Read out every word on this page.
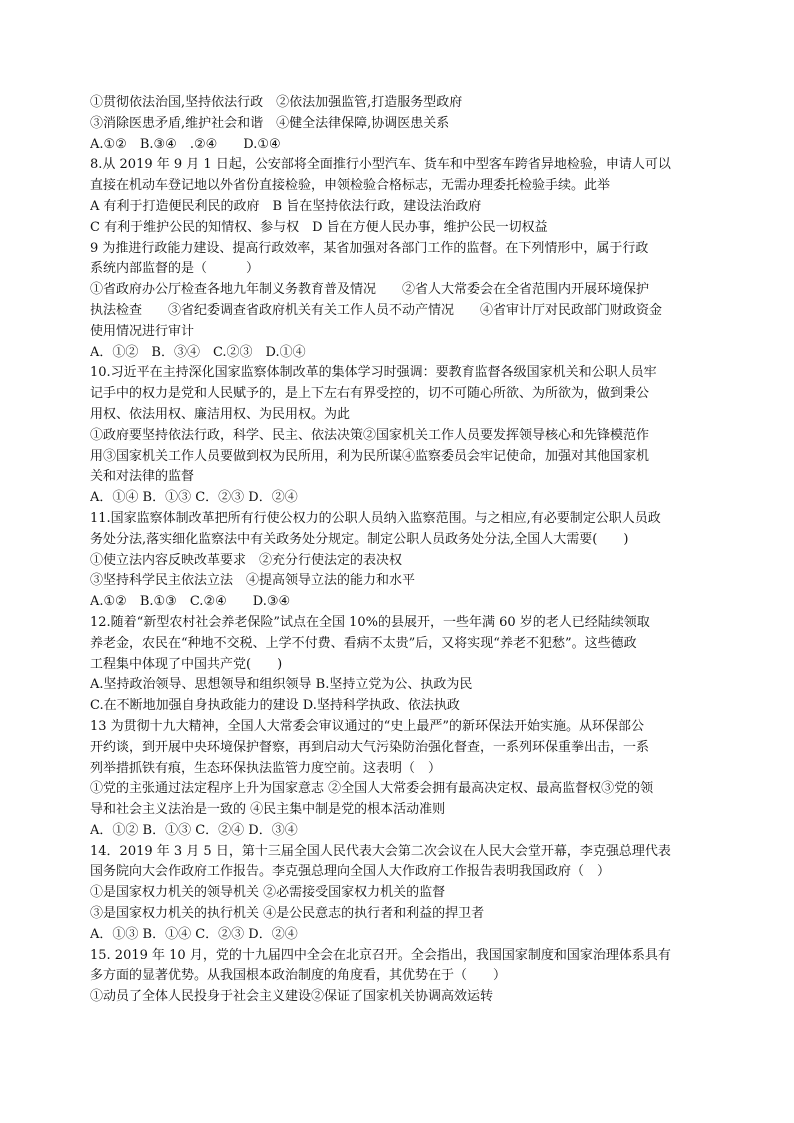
①贯彻依法治国,坚持依法行政　②依法加强监管,打造服务型政府
③消除医患矛盾,维护社会和谐　④健全法律保障,协调医患关系
A.①②　B.③④　.②④　　D.①④
8.从 2019 年 9 月 1 日起，公安部将全面推行小型汽车、货车和中型客车跨省异地检验，申请人可以
直接在机动车登记地以外省份直接检验，申领检验合格标志，无需办理委托检验手续。此举
A 有利于打造便民利民的政府　B 旨在坚持依法行政，建设法治政府
C 有利于维护公民的知情权、参与权　D 旨在方便人民办事，维护公民一切权益
9 为推进行政能力建设、提高行政效率，某省加强对各部门工作的监督。在下列情形中，属于行政
系统内部监督的是（　　　）
①省政府办公厅检查各地九年制义务教育普及情况　　②省人大常委会在全省范围内开展环境保护
执法检查　　③省纪委调查省政府机关有关工作人员不动产情况　　④省审计厅对民政部门财政资金
使用情况进行审计
A．①②　B．③④　C.②③　D.①④
10.习近平在主持深化国家监察体制改革的集体学习时强调：要教育监督各级国家机关和公职人员牢
记手中的权力是党和人民赋予的，是上下左右有界受控的，切不可随心所欲、为所欲为，做到秉公
用权、依法用权、廉洁用权、为民用权。为此
①政府要坚持依法行政，科学、民主、依法决策②国家机关工作人员要发挥领导核心和先锋模范作
用③国家机关工作人员要做到权为民所用，利为民所谋④监察委员会牢记使命，加强对其他国家机
关和对法律的监督
A．①④ B．①③ C．②③ D．②④
11.国家监察体制改革把所有行使公权力的公职人员纳入监察范围。与之相应,有必要制定公职人员政
务处分法,落实细化监察法中有关政务处分规定。制定公职人员政务处分法,全国人大需要(　　)
①使立法内容反映改革要求　②充分行使法定的表决权
③坚持科学民主依法立法　④提高领导立法的能力和水平
A.①②　B.①③　C.②④　　D.③④
12.随着“新型农村社会养老保险”试点在全国 10%的县展开，一些年满 60 岁的老人已经陆续领取
养老金，农民在“种地不交税、上学不付费、看病不太贵”后，又将实现“养老不犯愁”。这些德政
工程集中体现了中国共产党(　　)
A.坚持政治领导、思想领导和组织领导 B.坚持立党为公、执政为民
C.在不断地加强自身执政能力的建设 D.坚持科学执政、依法执政
13 为贯彻十九大精神，全国人大常委会审议通过的“史上最严”的新环保法开始实施。从环保部公
开约谈，到开展中央环境保护督察，再到启动大气污染防治强化督查，一系列环保重拳出击，一系
列举措抓铁有痕，生态环保执法监管力度空前。这表明（　）
①党的主张通过法定程序上升为国家意志 ②全国人大常委会拥有最高决定权、最高监督权③党的领
导和社会主义法治是一致的 ④民主集中制是党的根本活动准则
A．①② B．①③ C．②④ D．③④
14．2019 年 3 月 5 日，第十三届全国人民代表大会第二次会议在人民大会堂开幕，李克强总理代表
国务院向大会作政府工作报告。李克强总理向全国人大作政府工作报告表明我国政府（　）
①是国家权力机关的领导机关 ②必需接受国家权力机关的监督
③是国家权力机关的执行机关 ④是公民意志的执行者和利益的捍卫者
A．①③ B．①④ C．②③ D．②④
15. 2019 年 10 月，党的十九届四中全会在北京召开。全会指出，我国国家制度和国家治理体系具有
多方面的显著优势。从我国根本政治制度的角度看，其优势在于（　　）
①动员了全体人民投身于社会主义建设②保证了国家机关协调高效运转
